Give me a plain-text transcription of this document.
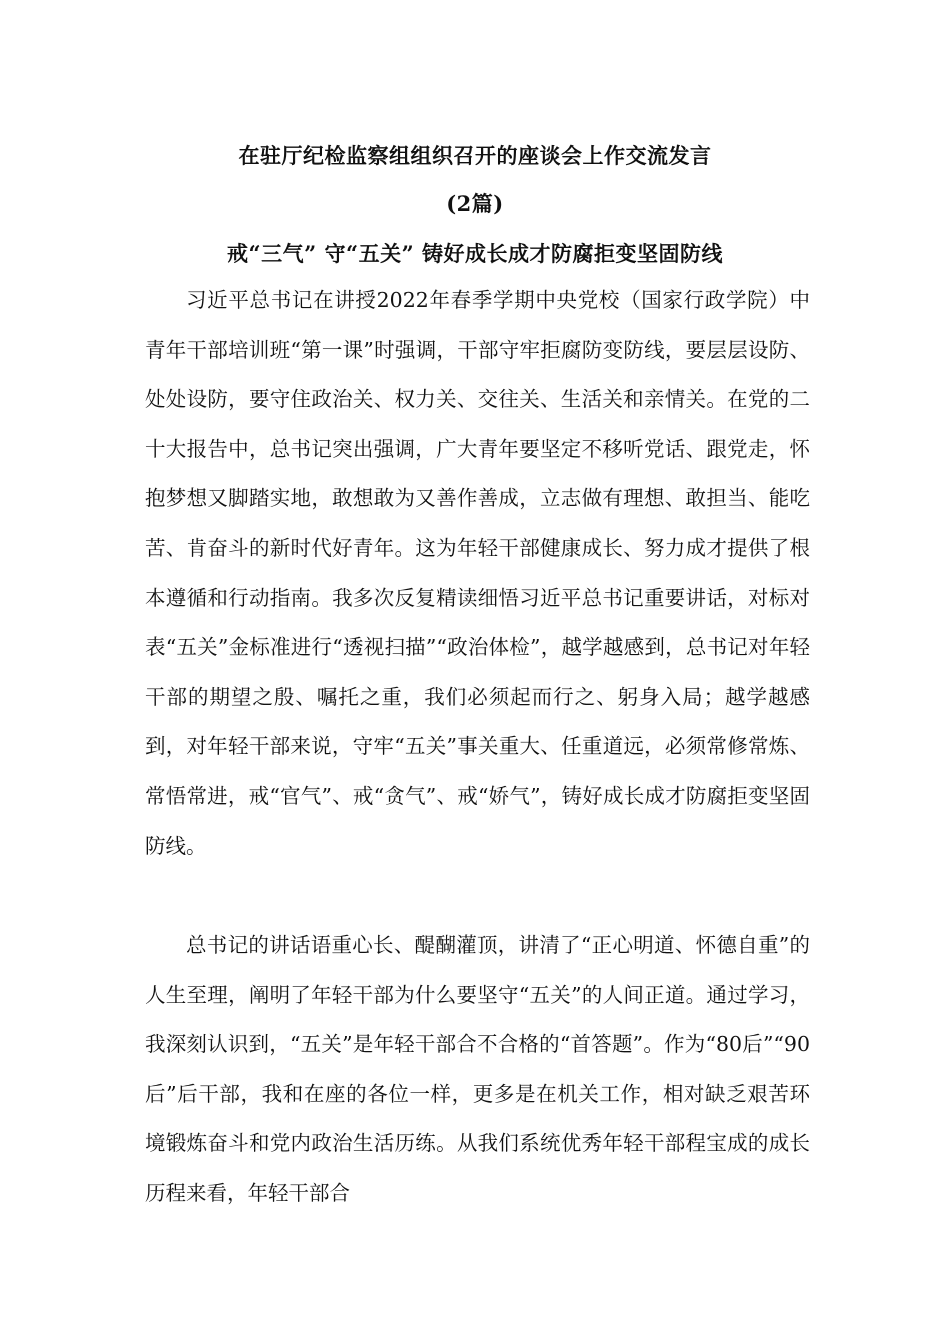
在驻厅纪检监察组组织召开的座谈会上作交流发言
(2篇)
戒“三气” 守“五关” 铸好成长成才防腐拒变坚固防线

习近平总书记在讲授2022年春季学期中央党校（国家行政学院）中青年干部培训班“第一课”时强调，干部守牢拒腐防变防线，要层层设防、处处设防，要守住政治关、权力关、交往关、生活关和亲情关。在党的二十大报告中，总书记突出强调，广大青年要坚定不移听党话、跟党走，怀抱梦想又脚踏实地，敢想敢为又善作善成，立志做有理想、敢担当、能吃苦、肯奋斗的新时代好青年。这为年轻干部健康成长、努力成才提供了根本遵循和行动指南。我多次反复精读细悟习近平总书记重要讲话，对标对表“五关”金标准进行“透视扫描”“政治体检”，越学越感到，总书记对年轻干部的期望之殷、嘱托之重，我们必须起而行之、躬身入局；越学越感到，对年轻干部来说，守牢“五关”事关重大、任重道远，必须常修常炼、常悟常进，戒“官气”、戒“贪气”、戒“娇气”，铸好成长成才防腐拒变坚固防线。

总书记的讲话语重心长、醍醐灌顶，讲清了“正心明道、怀德自重”的人生至理，阐明了年轻干部为什么要坚守“五关”的人间正道。通过学习，我深刻认识到，“五关”是年轻干部合不合格的“首答题”。作为“80后”“90后”后干部，我和在座的各位一样，更多是在机关工作，相对缺乏艰苦环境锻炼奋斗和党内政治生活历练。从我们系统优秀年轻干部程宝成的成长历程来看，年轻干部合
